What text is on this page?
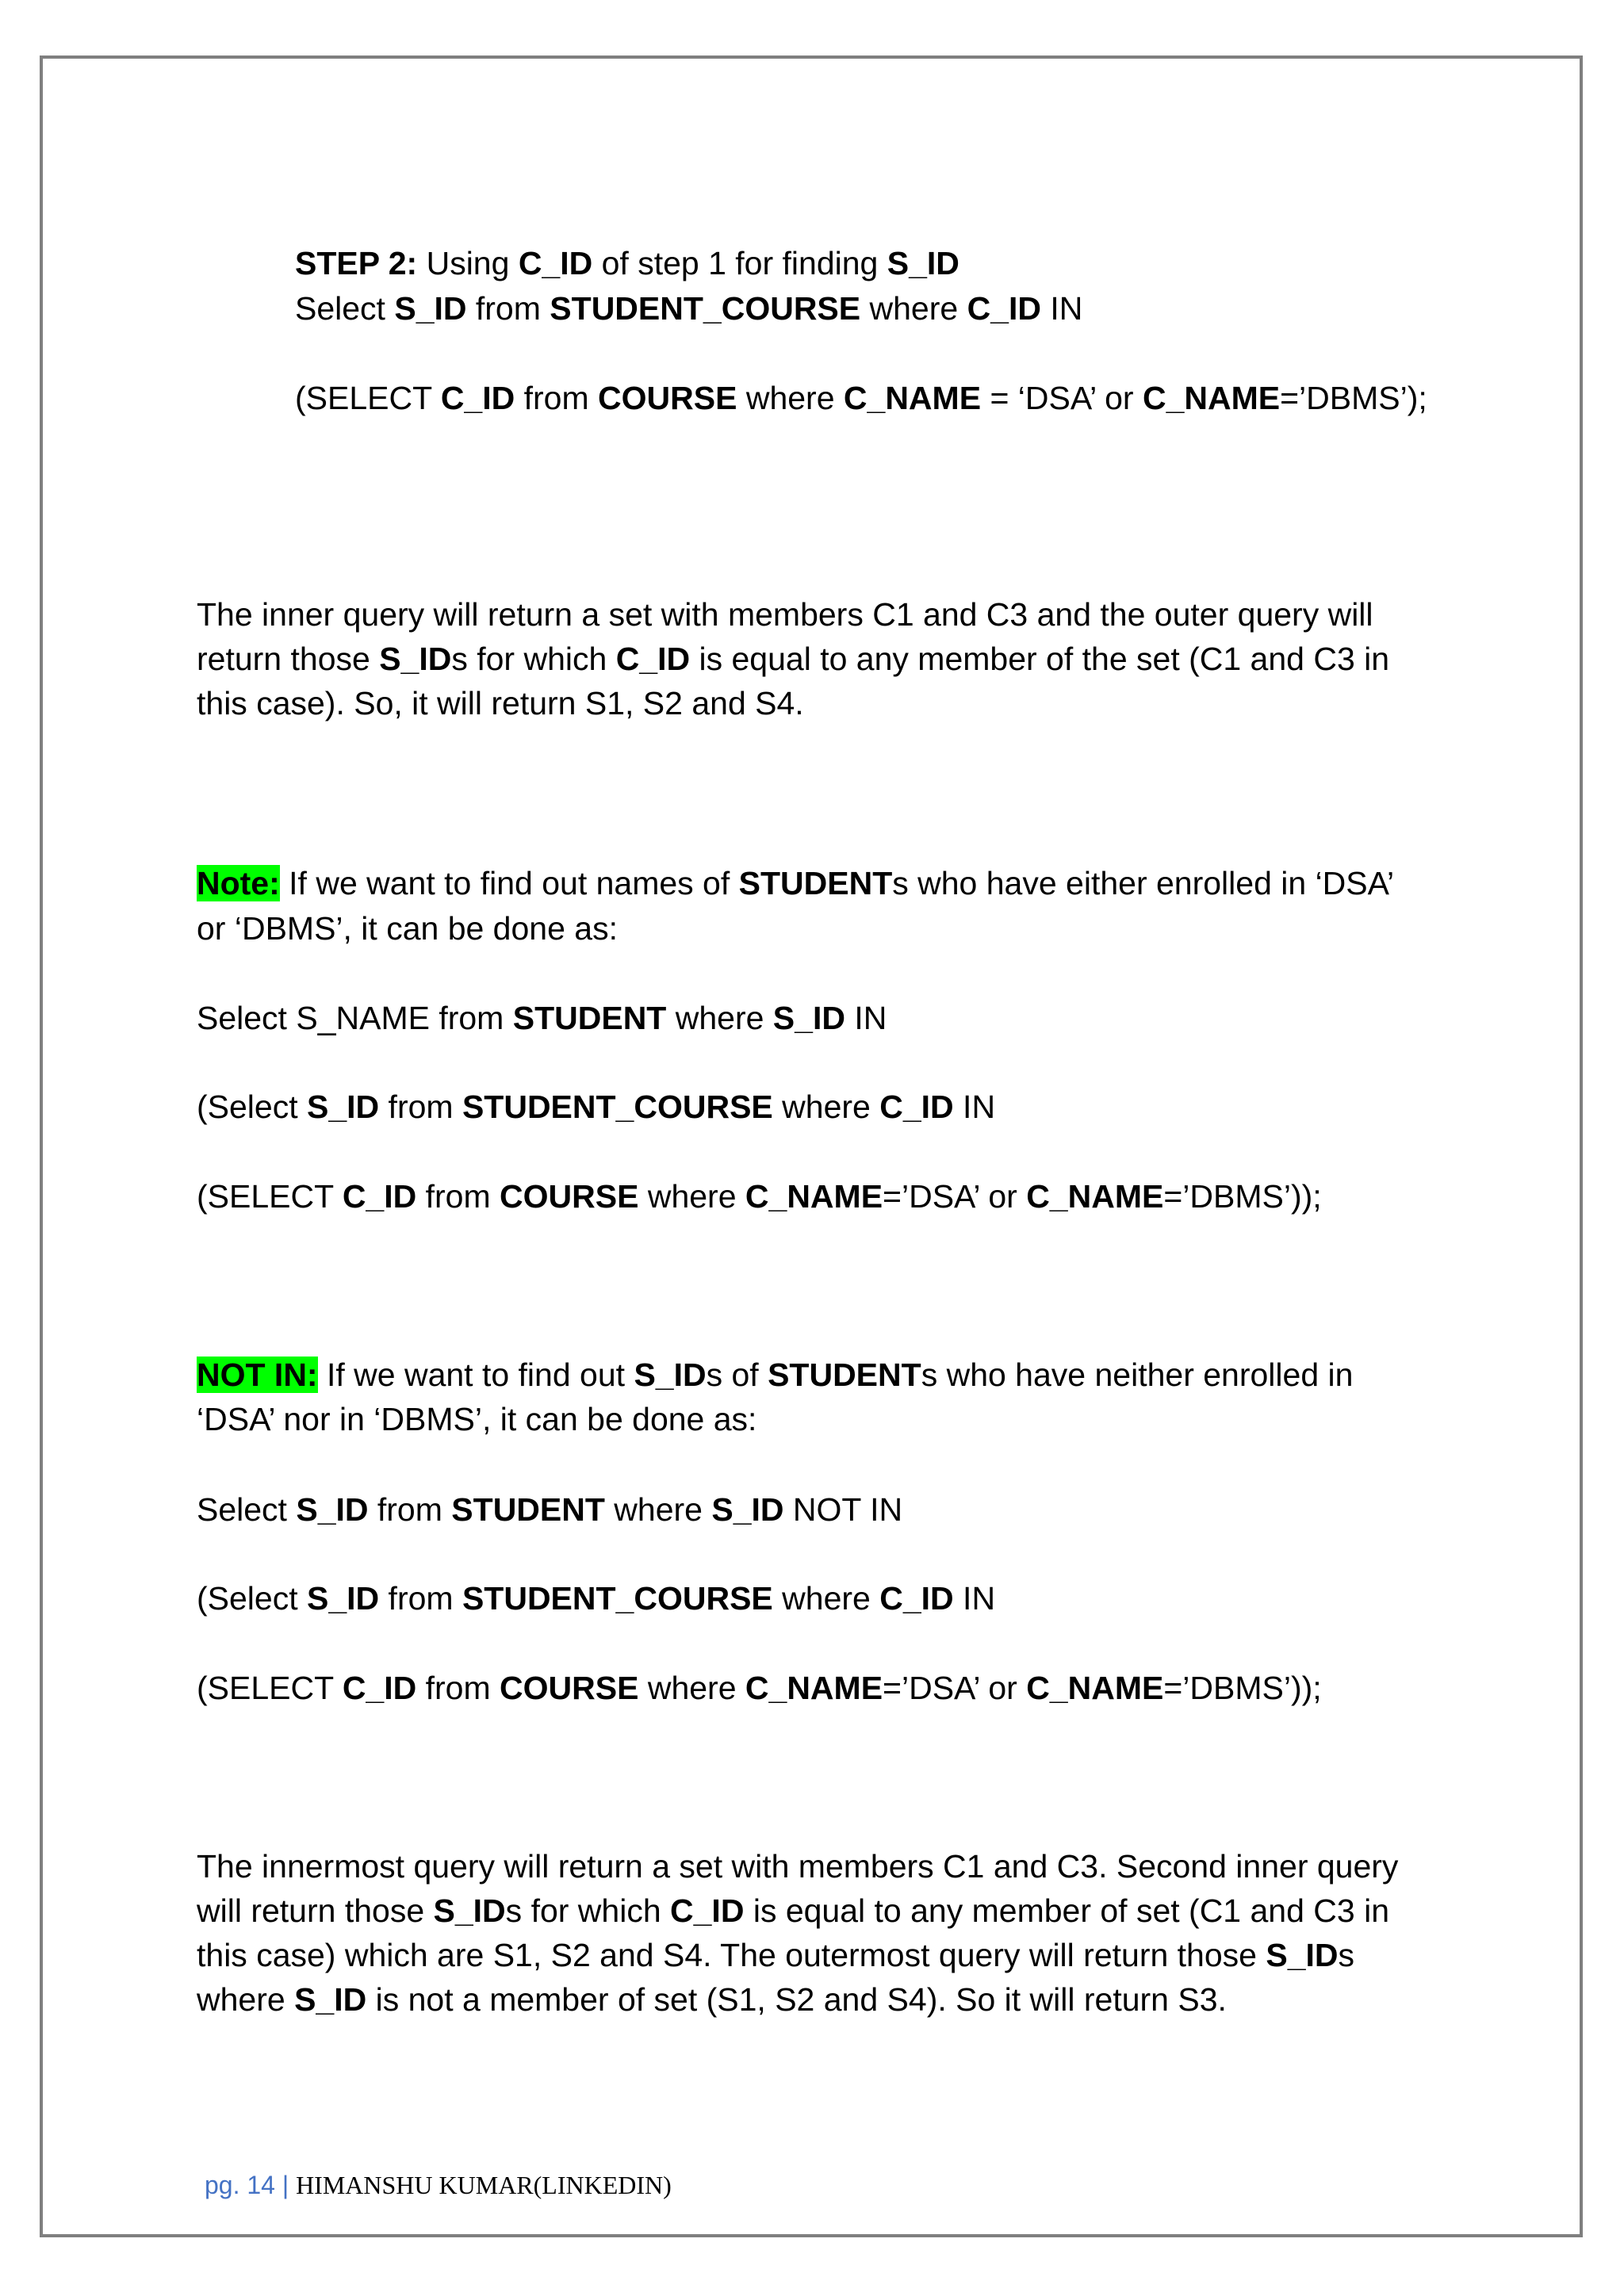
STEP 2: Using C_ID of step 1 for finding S_ID
Select S_ID from STUDENT_COURSE where C_ID IN
(SELECT C_ID from COURSE where C_NAME = ‘DSA’ or C_NAME=’DBMS’);
The inner query will return a set with members C1 and C3 and the outer query will
return those S_IDs for which C_ID is equal to any member of the set (C1 and C3 in
this case). So, it will return S1, S2 and S4.
Note: If we want to find out names of STUDENTs who have either enrolled in ‘DSA’
or ‘DBMS’, it can be done as:
Select S_NAME from STUDENT where S_ID IN
(Select S_ID from STUDENT_COURSE where C_ID IN
(SELECT C_ID from COURSE where C_NAME=’DSA’ or C_NAME=’DBMS’));
NOT IN: If we want to find out S_IDs of STUDENTs who have neither enrolled in
‘DSA’ nor in ‘DBMS’, it can be done as:
Select S_ID from STUDENT where S_ID NOT IN
(Select S_ID from STUDENT_COURSE where C_ID IN
(SELECT C_ID from COURSE where C_NAME=’DSA’ or C_NAME=’DBMS’));
The innermost query will return a set with members C1 and C3. Second inner query
will return those S_IDs for which C_ID is equal to any member of set (C1 and C3 in
this case) which are S1, S2 and S4. The outermost query will return those S_IDs
where S_ID is not a member of set (S1, S2 and S4). So it will return S3.
pg. 14 | HIMANSHU KUMAR(LINKEDIN)
